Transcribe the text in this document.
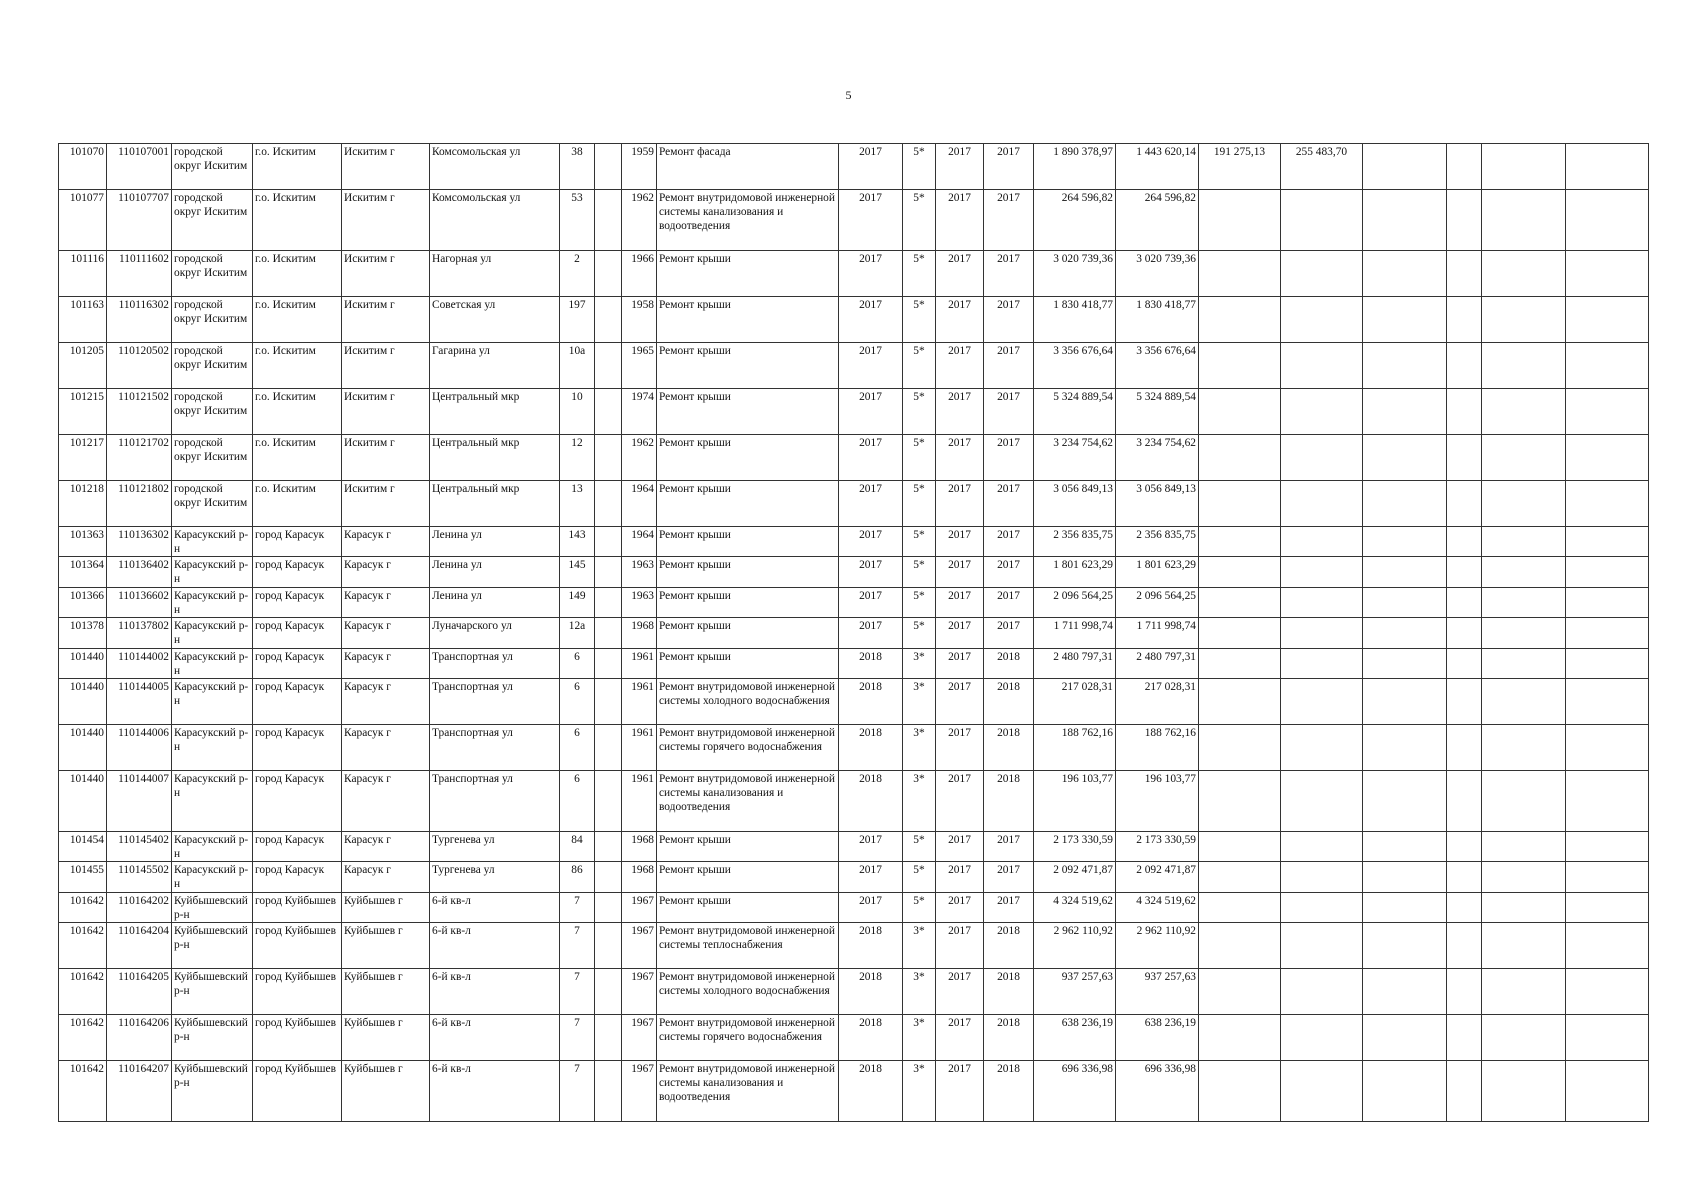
5
101070	110107001	городской округ Искитим	г.о. Искитим	Искитим г	Комсомольская ул	38		1959	Ремонт фасада	2017	5*	2017	2017	1 890 378,97	1 443 620,14	191 275,13	255 483,70				
101077	110107707	городской округ Искитим	г.о. Искитим	Искитим г	Комсомольская ул	53		1962	Ремонт внутридомовой инженерной системы канализования и водоотведения	2017	5*	2017	2017	264 596,82	264 596,82						
101116	110111602	городской округ Искитим	г.о. Искитим	Искитим г	Нагорная ул	2		1966	Ремонт крыши	2017	5*	2017	2017	3 020 739,36	3 020 739,36						
101163	110116302	городской округ Искитим	г.о. Искитим	Искитим г	Советская ул	197		1958	Ремонт крыши	2017	5*	2017	2017	1 830 418,77	1 830 418,77						
101205	110120502	городской округ Искитим	г.о. Искитим	Искитим г	Гагарина ул	10а		1965	Ремонт крыши	2017	5*	2017	2017	3 356 676,64	3 356 676,64						
101215	110121502	городской округ Искитим	г.о. Искитим	Искитим г	Центральный мкр	10		1974	Ремонт крыши	2017	5*	2017	2017	5 324 889,54	5 324 889,54						
101217	110121702	городской округ Искитим	г.о. Искитим	Искитим г	Центральный мкр	12		1962	Ремонт крыши	2017	5*	2017	2017	3 234 754,62	3 234 754,62						
101218	110121802	городской округ Искитим	г.о. Искитим	Искитим г	Центральный мкр	13		1964	Ремонт крыши	2017	5*	2017	2017	3 056 849,13	3 056 849,13						
101363	110136302	Карасукский р-н	город Карасук	Карасук г	Ленина ул	143		1964	Ремонт крыши	2017	5*	2017	2017	2 356 835,75	2 356 835,75						
101364	110136402	Карасукский р-н	город Карасук	Карасук г	Ленина ул	145		1963	Ремонт крыши	2017	5*	2017	2017	1 801 623,29	1 801 623,29						
101366	110136602	Карасукский р-н	город Карасук	Карасук г	Ленина ул	149		1963	Ремонт крыши	2017	5*	2017	2017	2 096 564,25	2 096 564,25						
101378	110137802	Карасукский р-н	город Карасук	Карасук г	Луначарского ул	12а		1968	Ремонт крыши	2017	5*	2017	2017	1 711 998,74	1 711 998,74						
101440	110144002	Карасукский р-н	город Карасук	Карасук г	Транспортная ул	6		1961	Ремонт крыши	2018	3*	2017	2018	2 480 797,31	2 480 797,31						
101440	110144005	Карасукский р-н	город Карасук	Карасук г	Транспортная ул	6		1961	Ремонт внутридомовой инженерной системы холодного водоснабжения	2018	3*	2017	2018	217 028,31	217 028,31						
101440	110144006	Карасукский р-н	город Карасук	Карасук г	Транспортная ул	6		1961	Ремонт внутридомовой инженерной системы горячего водоснабжения	2018	3*	2017	2018	188 762,16	188 762,16						
101440	110144007	Карасукский р-н	город Карасук	Карасук г	Транспортная ул	6		1961	Ремонт внутридомовой инженерной системы канализования и водоотведения	2018	3*	2017	2018	196 103,77	196 103,77						
101454	110145402	Карасукский р-н	город Карасук	Карасук г	Тургенева ул	84		1968	Ремонт крыши	2017	5*	2017	2017	2 173 330,59	2 173 330,59						
101455	110145502	Карасукский р-н	город Карасук	Карасук г	Тургенева ул	86		1968	Ремонт крыши	2017	5*	2017	2017	2 092 471,87	2 092 471,87						
101642	110164202	Куйбышевский р-н	город Куйбышев	Куйбышев г	6-й кв-л	7		1967	Ремонт крыши	2017	5*	2017	2017	4 324 519,62	4 324 519,62						
101642	110164204	Куйбышевский р-н	город Куйбышев	Куйбышев г	6-й кв-л	7		1967	Ремонт внутридомовой инженерной системы теплоснабжения	2018	3*	2017	2018	2 962 110,92	2 962 110,92						
101642	110164205	Куйбышевский р-н	город Куйбышев	Куйбышев г	6-й кв-л	7		1967	Ремонт внутридомовой инженерной системы холодного водоснабжения	2018	3*	2017	2018	937 257,63	937 257,63						
101642	110164206	Куйбышевский р-н	город Куйбышев	Куйбышев г	6-й кв-л	7		1967	Ремонт внутридомовой инженерной системы горячего водоснабжения	2018	3*	2017	2018	638 236,19	638 236,19						
101642	110164207	Куйбышевский р-н	город Куйбышев	Куйбышев г	6-й кв-л	7		1967	Ремонт внутридомовой инженерной системы канализования и водоотведения	2018	3*	2017	2018	696 336,98	696 336,98						
